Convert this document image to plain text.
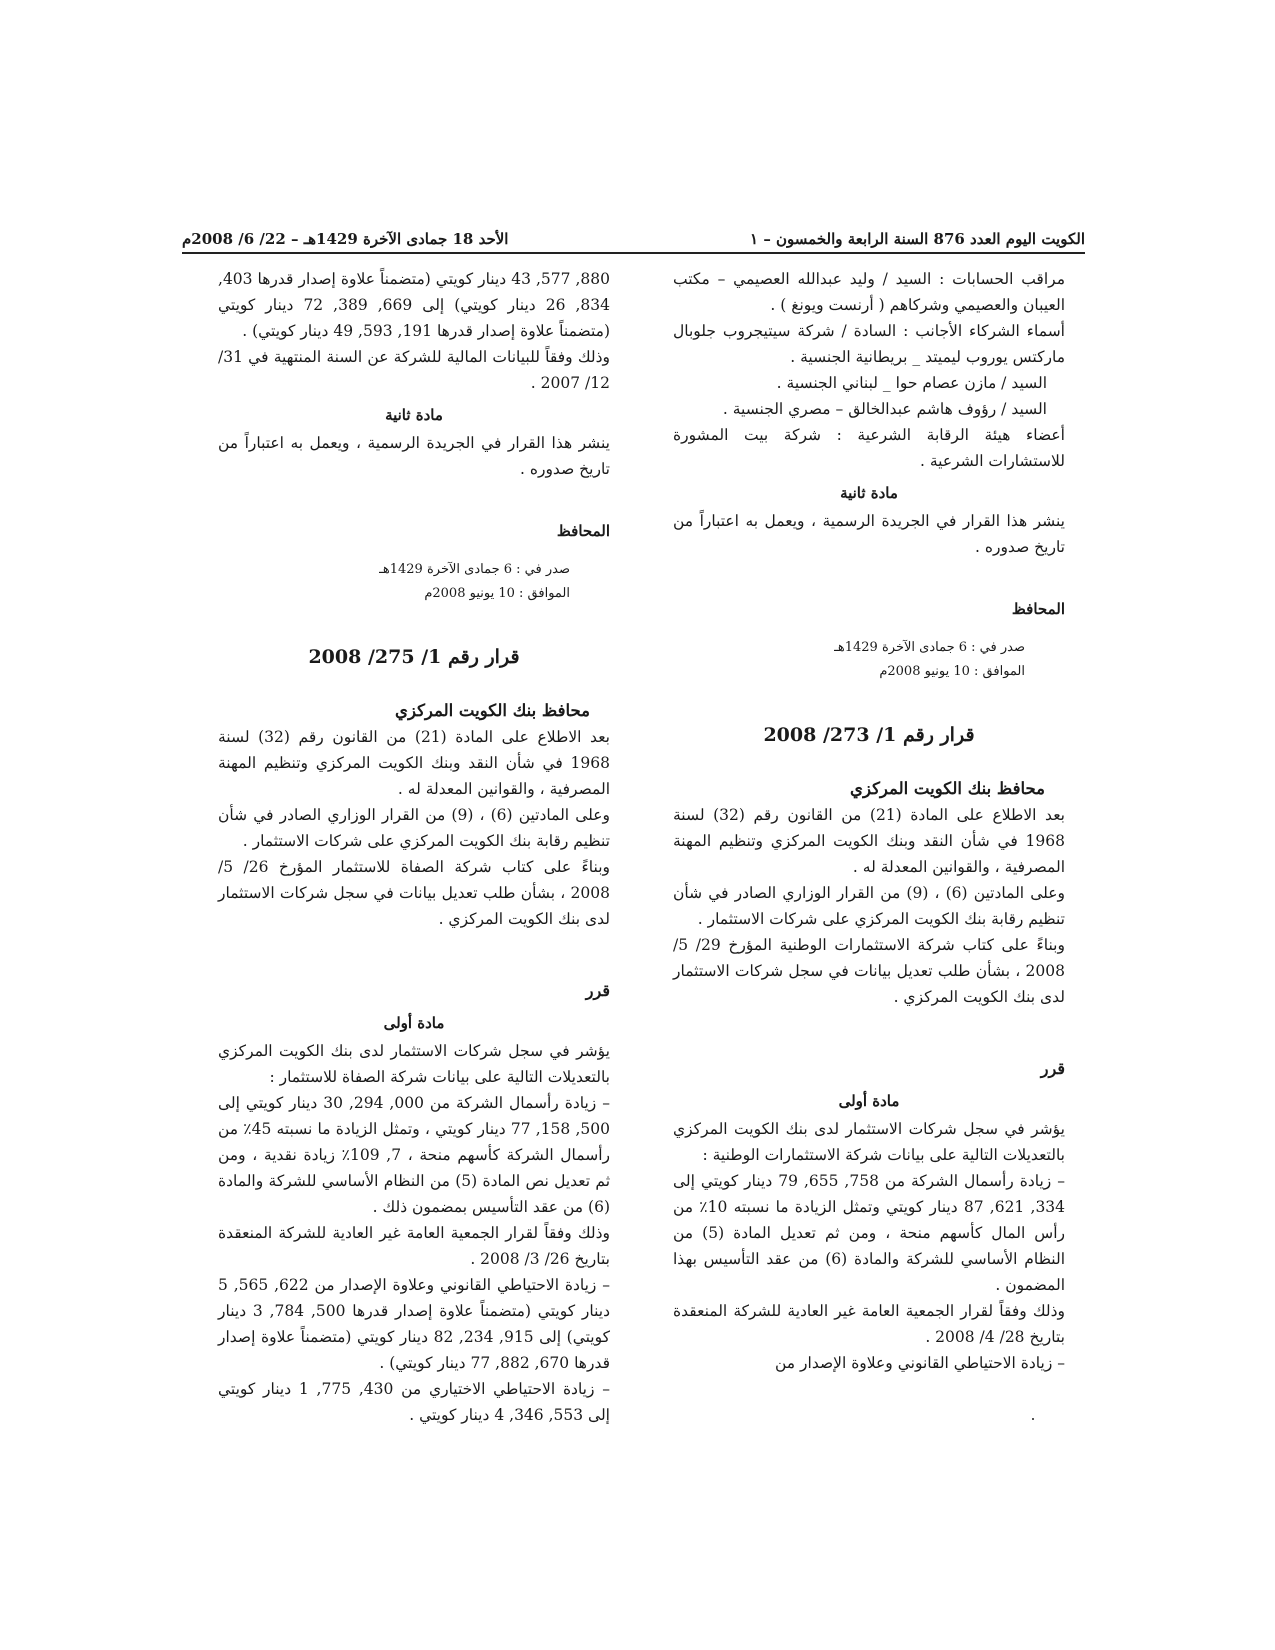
الكويت اليوم العدد 876 السنة الرابعة والخمسون – ١
الأحد 18 جمادى الآخرة 1429هـ – 22/ 6/ 2008م

مراقب الحسابات : السيد / وليد عبدالله العصيمي – مكتب العيبان والعصيمي وشركاهم ( أرنست ويونغ ) .

أسماء الشركاء الأجانب : السادة / شركة سيتيجروب جلوبال ماركتس يوروب ليميتد _ بريطانية الجنسية .

السيد / مازن عصام حوا _ لبناني الجنسية .

السيد / رؤوف هاشم عبدالخالق – مصري الجنسية .

أعضاء هيئة الرقابة الشرعية : شركة بيت المشورة للاستشارات الشرعية .

مادة ثانية

ينشر هذا القرار في الجريدة الرسمية ، ويعمل به اعتباراً من تاريخ صدوره .

المحافظ
صدر في : 6 جمادى الآخرة 1429هـ
الموافق : 10 يونيو 2008م
قرار رقم 1/ 273/ 2008
محافظ بنك الكويت المركزي

بعد الاطلاع على المادة (21) من القانون رقم (32) لسنة 1968 في شأن النقد وبنك الكويت المركزي وتنظيم المهنة المصرفية ، والقوانين المعدلة له .

وعلى المادتين (6) ، (9) من القرار الوزاري الصادر في شأن تنظيم رقابة بنك الكويت المركزي على شركات الاستثمار .

وبناءً على كتاب شركة الاستثمارات الوطنية المؤرخ 29/ 5/ 2008 ، بشأن طلب تعديل بيانات في سجل شركات الاستثمار لدى بنك الكويت المركزي .

قرر
مادة أولى

يؤشر في سجل شركات الاستثمار لدى بنك الكويت المركزي بالتعديلات التالية على بيانات شركة الاستثمارات الوطنية :

– زيادة رأسمال الشركة من 758, 655, 79 دينار كويتي إلى 334, 621, 87 دينار كويتي وتمثل الزيادة ما نسبته 10٪ من رأس المال كأسهم منحة ، ومن ثم تعديل المادة (5) من النظام الأساسي للشركة والمادة (6) من عقد التأسيس بهذا المضمون .

وذلك وفقاً لقرار الجمعية العامة غير العادية للشركة المنعقدة بتاريخ 28/ 4/ 2008 .

– زيادة الاحتياطي القانوني وعلاوة الإصدار من

880, 577, 43 دينار كويتي (متضمناً علاوة إصدار قدرها 403, 834, 26 دينار كويتي) إلى 669, 389, 72 دينار كويتي (متضمناً علاوة إصدار قدرها 191, 593, 49 دينار كويتي) .

وذلك وفقاً للبيانات المالية للشركة عن السنة المنتهية في 31/ 12/ 2007 .

مادة ثانية

ينشر هذا القرار في الجريدة الرسمية ، ويعمل به اعتباراً من تاريخ صدوره .

المحافظ
صدر في : 6 جمادى الآخرة 1429هـ
الموافق : 10 يونيو 2008م
قرار رقم 1/ 275/ 2008
محافظ بنك الكويت المركزي

بعد الاطلاع على المادة (21) من القانون رقم (32) لسنة 1968 في شأن النقد وبنك الكويت المركزي وتنظيم المهنة المصرفية ، والقوانين المعدلة له .

وعلى المادتين (6) ، (9) من القرار الوزاري الصادر في شأن تنظيم رقابة بنك الكويت المركزي على شركات الاستثمار .

وبناءً على كتاب شركة الصفاة للاستثمار المؤرخ 26/ 5/ 2008 ، بشأن طلب تعديل بيانات في سجل شركات الاستثمار لدى بنك الكويت المركزي .

قرر
مادة أولى

يؤشر في سجل شركات الاستثمار لدى بنك الكويت المركزي بالتعديلات التالية على بيانات شركة الصفاة للاستثمار :

– زيادة رأسمال الشركة من 000, 294, 30 دينار كويتي إلى 500, 158, 77 دينار كويتي ، وتمثل الزيادة ما نسبته 45٪ من رأسمال الشركة كأسهم منحة ، 7, 109٪ زيادة نقدية ، ومن ثم تعديل نص المادة (5) من النظام الأساسي للشركة والمادة (6) من عقد التأسيس بمضمون ذلك .

وذلك وفقاً لقرار الجمعية العامة غير العادية للشركة المنعقدة بتاريخ 26/ 3/ 2008 .

– زيادة الاحتياطي القانوني وعلاوة الإصدار من 622, 565, 5 دينار كويتي (متضمناً علاوة إصدار قدرها 500, 784, 3 دينار كويتي) إلى 915, 234, 82 دينار كويتي (متضمناً علاوة إصدار قدرها 670, 882, 77 دينار كويتي) .

– زيادة الاحتياطي الاختياري من 430, 775, 1 دينار كويتي إلى 553, 346, 4 دينار كويتي .
